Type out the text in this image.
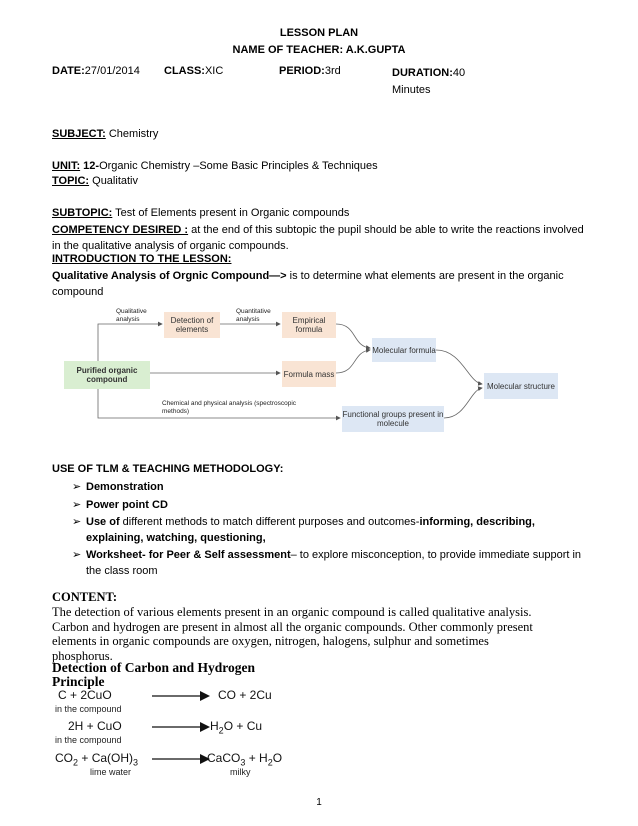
LESSON PLAN
NAME OF TEACHER: A.K.GUPTA
DATE:27/01/2014 CLASS:XIC	PERIOD:3rd	DURATION:40
Minutes
SUBJECT: Chemistry
UNIT: 12-Organic Chemistry –Some Basic Principles & Techniques
TOPIC: Qualitativ
SUBTOPIC: Test of Elements present in Organic compounds
COMPETENCY DESIRED : at the end of this subtopic the pupil should be able to write the reactions involved
in the qualitative analysis of organic compounds.
INTRODUCTION TO THE LESSON:
Qualitative Analysis of Orgnic Compound—> is to determine what elements are present in the organic
compound
Purified organic compound
Detection of elements
Empirical formula
Formula mass
Molecular formula
Molecular structure
Functional groups present in molecule
Qualitative analysis
Quantitative analysis
Chemical and physical analysis (spectroscopic methods)
USE OF TLM & TEACHING METHODOLOGY:
➢ Demonstration
➢ Power point CD
➢ Use of different methods to match different purposes and outcomes-informing, describing,
explaining, watching, questioning,
➢ Worksheet- for Peer & Self assessment– to explore misconception, to provide immediate support in
the class room
CONTENT:
The detection of various elements present in an organic compound is called qualitative analysis.
Carbon and hydrogen are present in almost all the organic compounds. Other commonly present
elements in organic compounds are oxygen, nitrogen, halogens, sulphur and sometimes
phosphorus.
Detection of Carbon and Hydrogen
Principle
C + 2CuO	CO + 2Cu
in the compound
2H + CuO	$H_2O + Cu$
in the compound
$CO_2 + Ca(OH)_3$	CaCO$_3$ + $H_2O$
lime water	milky
1
